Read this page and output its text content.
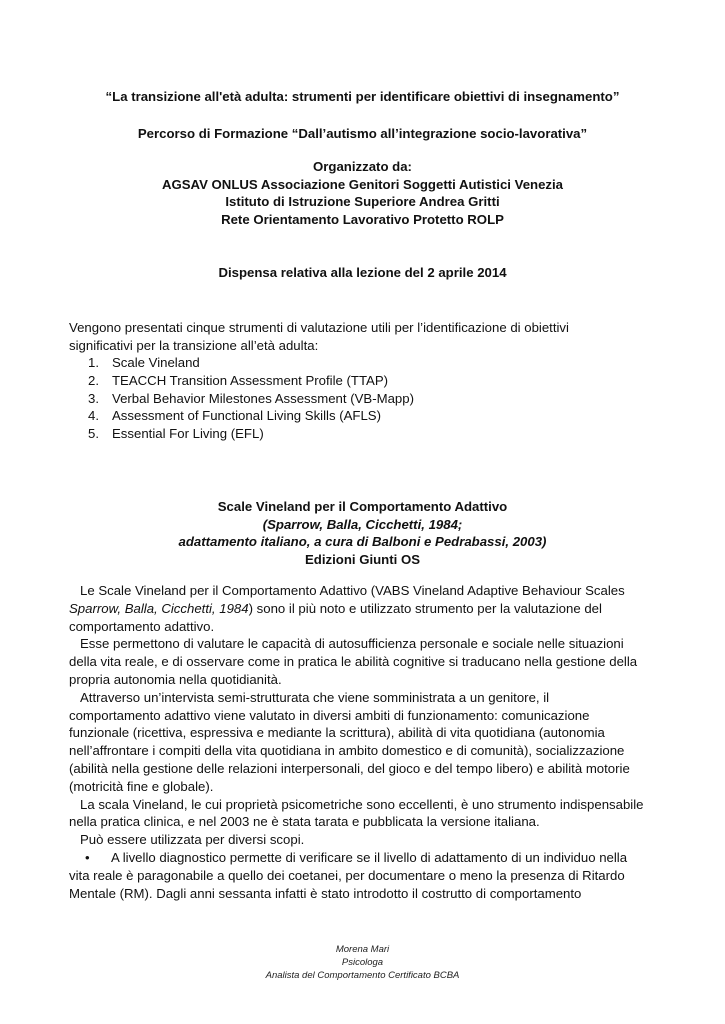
“La transizione all'età adulta: strumenti per identificare obiettivi di insegnamento”
Percorso di Formazione “Dall’autismo all’integrazione socio-lavorativa”
Organizzato da:
AGSAV ONLUS Associazione Genitori Soggetti Autistici Venezia
Istituto di Istruzione Superiore Andrea Gritti
Rete Orientamento Lavorativo Protetto ROLP
Dispensa relativa alla lezione del 2 aprile 2014
Vengono presentati cinque strumenti di valutazione utili per l’identificazione di obiettivi
significativi per la transizione all’età adulta:
1. Scale Vineland
2. TEACCH Transition Assessment Profile (TTAP)
3. Verbal Behavior Milestones Assessment (VB-Mapp)
4. Assessment of Functional Living Skills (AFLS)
5. Essential For Living (EFL)
Scale Vineland per il Comportamento Adattivo
(Sparrow, Balla, Cicchetti, 1984;
adattamento italiano, a cura di Balboni e Pedrabassi, 2003)
Edizioni Giunti OS

Le Scale Vineland per il Comportamento Adattivo (VABS Vineland Adaptive Behaviour Scales

Sparrow, Balla, Cicchetti, 1984) sono il più noto e utilizzato strumento per la valutazione del

comportamento adattivo.

Esse permettono di valutare le capacità di autosufficienza personale e sociale nelle situazioni

della vita reale, e di osservare come in pratica le abilità cognitive si traducano nella gestione della

propria autonomia nella quotidianità.

Attraverso un’intervista semi-strutturata che viene somministrata a un genitore, il

comportamento adattivo viene valutato in diversi ambiti di funzionamento: comunicazione

funzionale (ricettiva, espressiva e mediante la scrittura), abilità di vita quotidiana (autonomia

nell’affrontare i compiti della vita quotidiana in ambito domestico e di comunità), socializzazione

(abilità nella gestione delle relazioni interpersonali, del gioco e del tempo libero) e abilità motorie

(motricità fine e globale).

La scala Vineland, le cui proprietà psicometriche sono eccellenti, è uno strumento indispensabile

nella pratica clinica, e nel 2003 ne è stata tarata e pubblicata la versione italiana.

Può essere utilizzata per diversi scopi.

• A livello diagnostico permette di verificare se il livello di adattamento di un individuo nella

vita reale è paragonabile a quello dei coetanei, per documentare o meno la presenza di Ritardo

Mentale (RM). Dagli anni sessanta infatti è stato introdotto il costrutto di comportamento

Morena Mari
Psicologa
Analista del Comportamento Certificato BCBA
